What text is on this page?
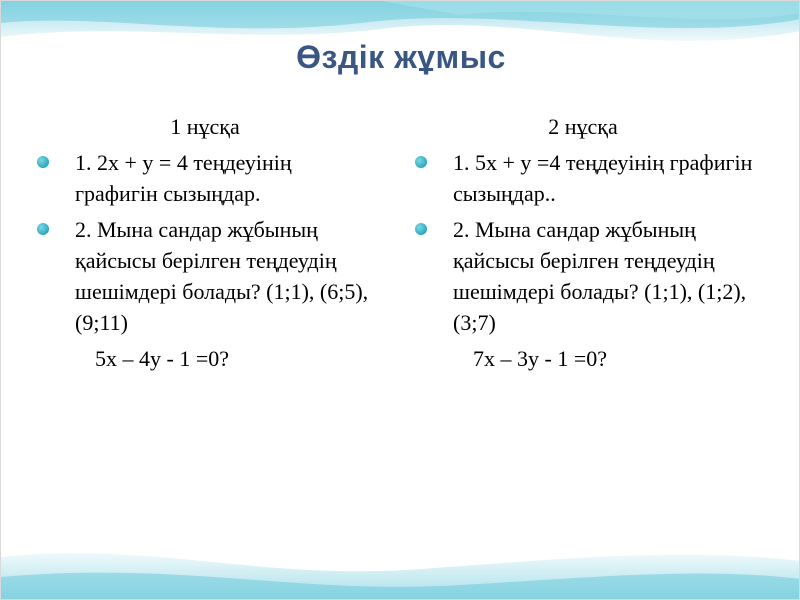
Өздік жұмыс
1 нұсқа
1. 2х + у = 4 теңдеуінің графигін сызыңдар.
2. Мына сандар жұбының қайсысы берілген теңдеудің шешімдері болады? (1;1), (6;5), (9;11)
5х – 4у - 1 =0?
2 нұсқа
1. 5х + у =4 теңдеуінің графигін сызыңдар..
2. Мына сандар жұбының қайсысы берілген теңдеудің шешімдері болады? (1;1), (1;2), (3;7)
7х – 3у - 1 =0?
